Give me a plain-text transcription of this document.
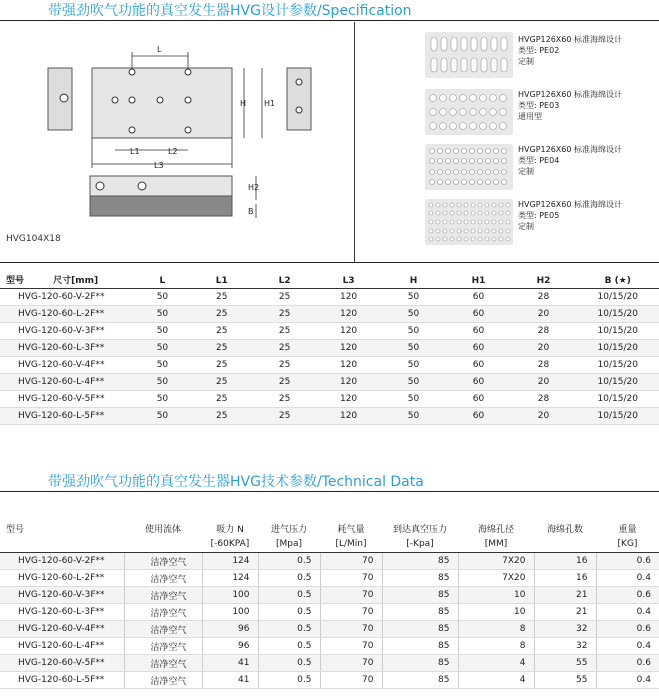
带强劲吹气功能的真空发生器HVG设计参数/Specification
L
H H1
L1	L2
L3
H2
B
HVG104X18
HVGP126X60 标准海绵设计
类型: PE02
定制
HVGP126X60 标准海绵设计
类型: PE03
通用型
HVGP126X60 标准海绵设计
类型: PE04
定制
HVGP126X60 标准海绵设计
类型: PE05
定制
型号 尺寸[mm]	L	L1	L2	L3	H	H1	H2	B (★)
HVG-120-60-V-2F**	50	25	25	120	50	60	28	10/15/20
HVG-120-60-L-2F**	50	25	25	120	50	60	20	10/15/20
HVG-120-60-V-3F**	50	25	25	120	50	60	28	10/15/20
HVG-120-60-L-3F**	50	25	25	120	50	60	20	10/15/20
HVG-120-60-V-4F**	50	25	25	120	50	60	28	10/15/20
HVG-120-60-L-4F**	50	25	25	120	50	60	20	10/15/20
HVG-120-60-V-5F**	50	25	25	120	50	60	28	10/15/20
HVG-120-60-L-5F**	50	25	25	120	50	60	20	10/15/20
带强劲吹气功能的真空发生器HVG技术参数/Technical Data
型号	使用流体	吸力 N	进气压力	耗气量	到达真空压力	海绵孔径	海绵孔数	重量
		[-60KPA]	[Mpa]	[L/Min]	[-Kpa]	[MM]		[KG]
HVG-120-60-V-2F**	洁净空气	124	0.5	70	85	7X20	16	0.6
HVG-120-60-L-2F**	洁净空气	124	0.5	70	85	7X20	16	0.4
HVG-120-60-V-3F**	洁净空气	100	0.5	70	85	10	21	0.6
HVG-120-60-L-3F**	洁净空气	100	0.5	70	85	10	21	0.4
HVG-120-60-V-4F**	洁净空气	96	0.5	70	85	8	32	0.6
HVG-120-60-L-4F**	洁净空气	96	0.5	70	85	8	32	0.4
HVG-120-60-V-5F**	洁净空气	41	0.5	70	85	4	55	0.6
HVG-120-60-L-5F**	洁净空气	41	0.5	70	85	4	55	0.4
